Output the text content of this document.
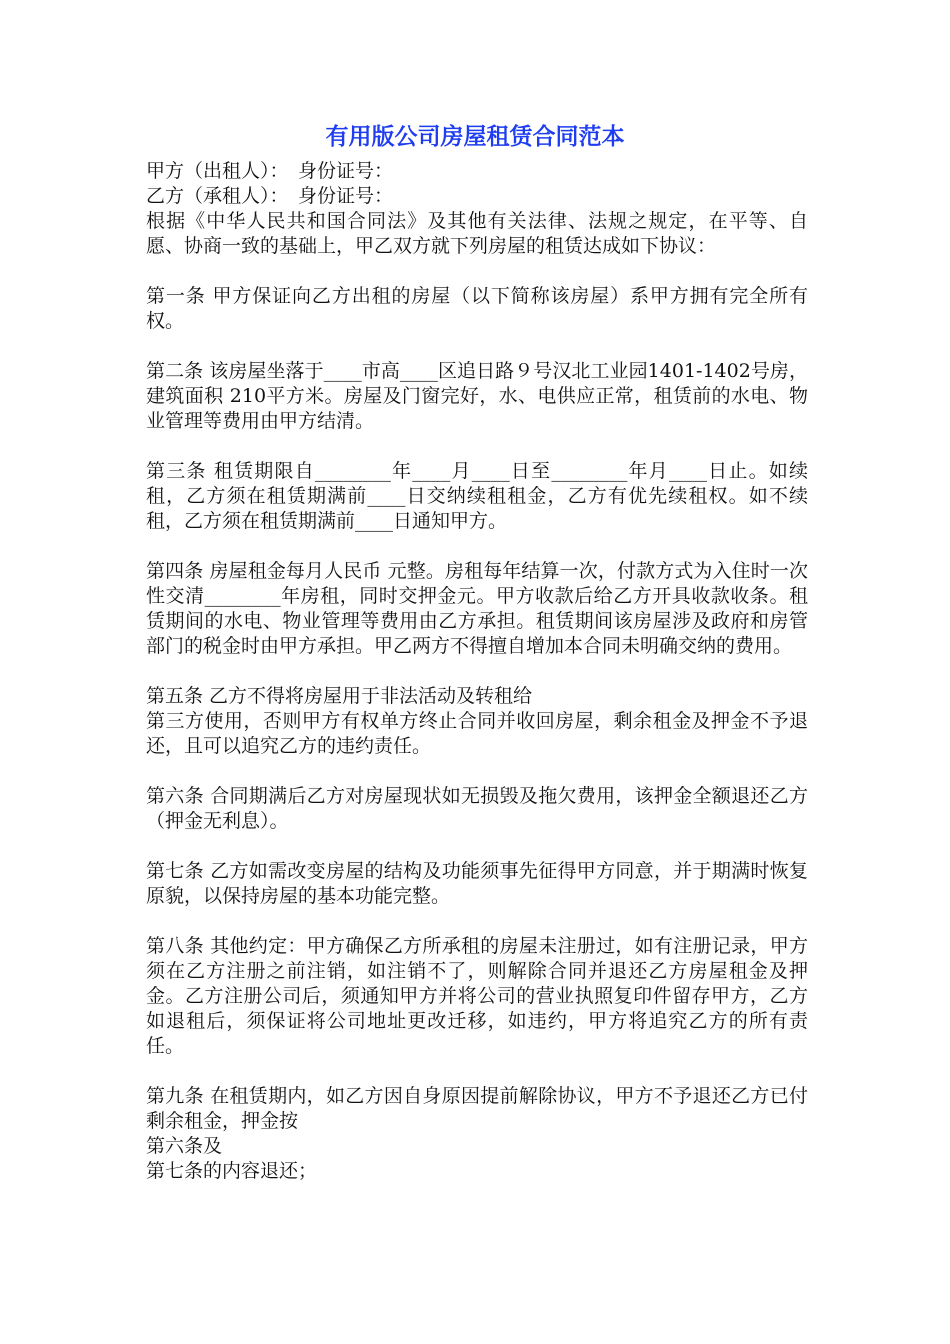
有用版公司房屋租赁合同范本

甲方（出租人）：　身份证号：

乙方（承租人）：　身份证号：

根据《中华人民共和国合同法》及其他有关法律、法规之规定，在平等、自愿、协商一致的基础上，甲乙双方就下列房屋的租赁达成如下协议：

第一条 甲方保证向乙方出租的房屋（以下简称该房屋）系甲方拥有完全所有权。

第二条 该房屋坐落于____市高____区追日路９号汉北工业园1401-1402号房，建筑面积 210平方米。房屋及门窗完好，水、电供应正常，租赁前的水电、物业管理等费用由甲方结清。

第三条 租赁期限自________年____月____日至________年月____日止。如续租，乙方须在租赁期满前____日交纳续租租金，乙方有优先续租权。如不续租，乙方须在租赁期满前____日通知甲方。

第四条 房屋租金每月人民币 元整。房租每年结算一次，付款方式为入住时一次性交清________年房租，同时交押金元。甲方收款后给乙方开具收款收条。租赁期间的水电、物业管理等费用由乙方承担。租赁期间该房屋涉及政府和房管部门的税金时由甲方承担。甲乙两方不得擅自增加本合同未明确交纳的费用。

第五条 乙方不得将房屋用于非法活动及转租给

第三方使用，否则甲方有权单方终止合同并收回房屋，剩余租金及押金不予退还，且可以追究乙方的违约责任。

第六条 合同期满后乙方对房屋现状如无损毁及拖欠费用，该押金全额退还乙方（押金无利息）。

第七条 乙方如需改变房屋的结构及功能须事先征得甲方同意，并于期满时恢复原貌，以保持房屋的基本功能完整。

第八条 其他约定：甲方确保乙方所承租的房屋未注册过，如有注册记录，甲方须在乙方注册之前注销，如注销不了，则解除合同并退还乙方房屋租金及押金。乙方注册公司后，须通知甲方并将公司的营业执照复印件留存甲方，乙方如退租后，须保证将公司地址更改迁移，如违约，甲方将追究乙方的所有责任。

第九条 在租赁期内，如乙方因自身原因提前解除协议，甲方不予退还乙方已付剩余租金，押金按

第六条及

第七条的内容退还；
